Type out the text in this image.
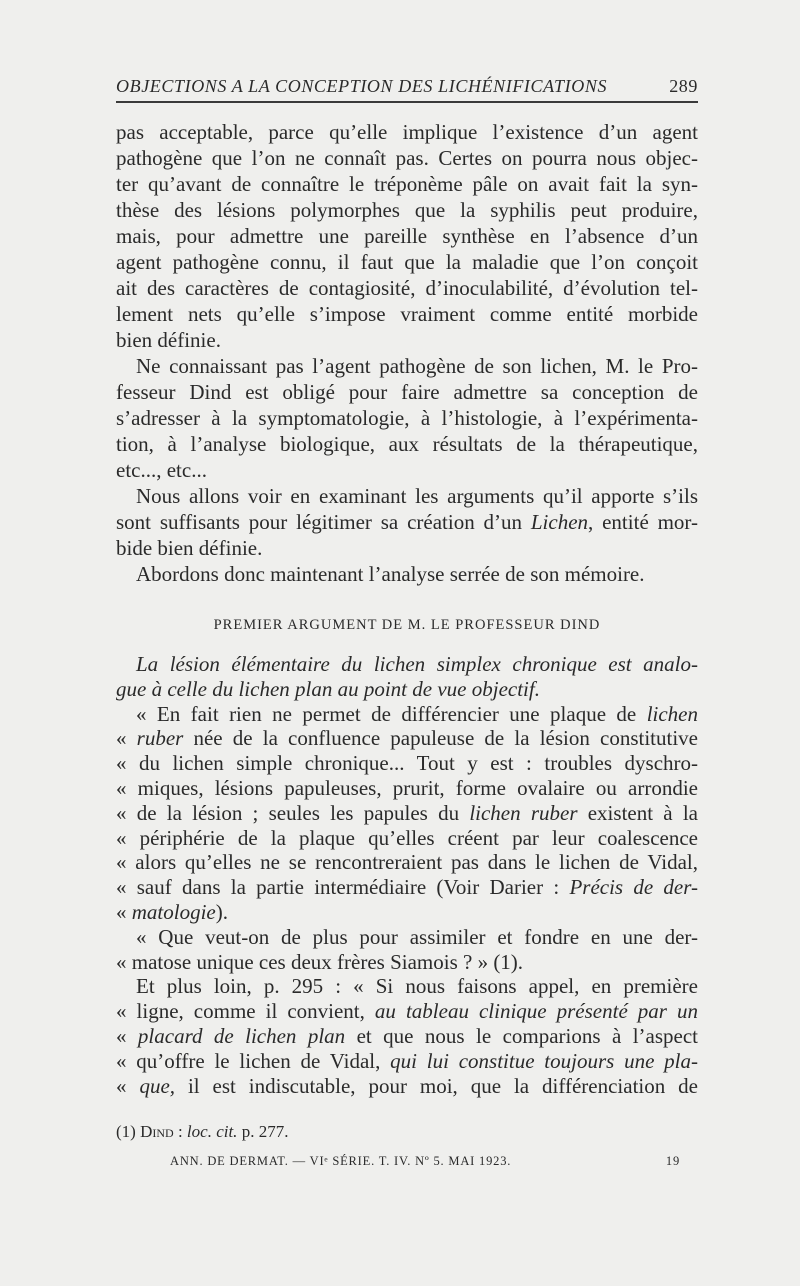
OBJECTIONS A LA CONCEPTION DES LICHÉNIFICATIONS	289
pas acceptable, parce qu’elle implique l’existence d’un agent
pathogène que l’on ne connaît pas. Certes on pourra nous objec-
ter qu’avant de connaître le tréponème pâle on avait fait la syn-
thèse des lésions polymorphes que la syphilis peut produire,
mais, pour admettre une pareille synthèse en l’absence d’un
agent pathogène connu, il faut que la maladie que l’on conçoit
ait des caractères de contagiosité, d’inoculabilité, d’évolution tel-
lement nets qu’elle s’impose vraiment comme entité morbide
bien définie.
Ne connaissant pas l’agent pathogène de son lichen, M. le Pro-
fesseur Dind est obligé pour faire admettre sa conception de
s’adresser à la symptomatologie, à l’histologie, à l’expérimenta-
tion, à l’analyse biologique, aux résultats de la thérapeutique,
etc..., etc...
Nous allons voir en examinant les arguments qu’il apporte s’ils
sont suffisants pour légitimer sa création d’un Lichen, entité mor-
bide bien définie.
Abordons donc maintenant l’analyse serrée de son mémoire.
PREMIER ARGUMENT DE M. LE PROFESSEUR DIND
La lésion élémentaire du lichen simplex chronique est analo-
gue à celle du lichen plan au point de vue objectif.
« En fait rien ne permet de différencier une plaque de lichen
« ruber née de la confluence papuleuse de la lésion constitutive
« du lichen simple chronique... Tout y est : troubles dyschro-
« miques, lésions papuleuses, prurit, forme ovalaire ou arrondie
« de la lésion ; seules les papules du lichen ruber existent à la
« périphérie de la plaque qu’elles créent par leur coalescence
« alors qu’elles ne se rencontreraient pas dans le lichen de Vidal,
« sauf dans la partie intermédiaire (Voir Darier : Précis de der-
« matologie).
« Que veut-on de plus pour assimiler et fondre en une der-
« matose unique ces deux frères Siamois ? » (1).
Et plus loin, p. 295 : « Si nous faisons appel, en première
« ligne, comme il convient, au tableau clinique présenté par un
« placard de lichen plan et que nous le comparions à l’aspect
« qu’offre le lichen de Vidal, qui lui constitue toujours une pla-
« que, il est indiscutable, pour moi, que la différenciation de
(1) Dind : loc. cit. p. 277.
ANN. DE DERMAT. — VIᵉ SÉRIE. T. IV. Nº 5. MAI 1923.	19
